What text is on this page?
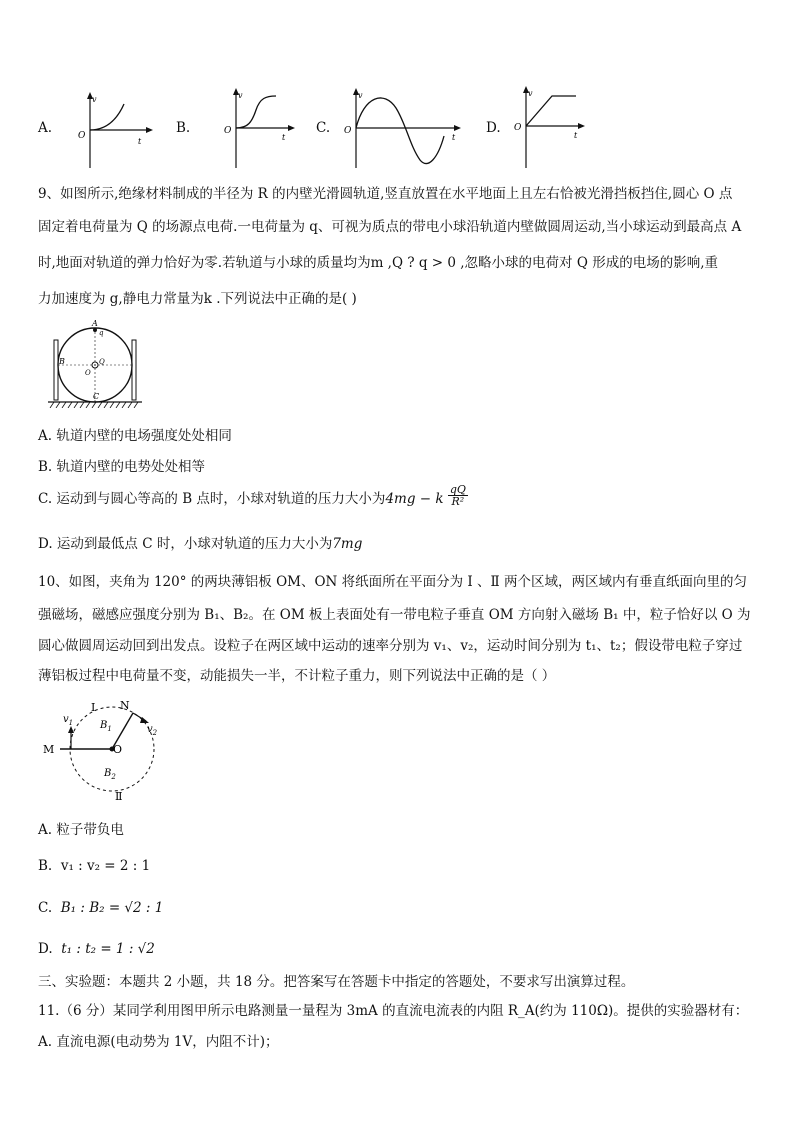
A.
v
t
O	B.
v
t
O	C.
v
t
O	D.
v
t
O
9、如图所示,绝缘材料制成的半径为 R 的内壁光滑圆轨道,竖直放置在水平地面上且左右恰被光滑挡板挡住,圆心 O 点
固定着电荷量为 Q 的场源点电荷.一电荷量为 q、可视为质点的带电小球沿轨道内壁做圆周运动,当小球运动到最高点 A
时,地面对轨道的弹力恰好为零.若轨道与小球的质量均为m ,Q ? q > 0 ,忽略小球的电荷对 Q 形成的电场的影响,重
力加速度为 g,静电力常量为k .下列说法中正确的是( )
A
q
B	Q
O
C
A. 轨道内壁的电场强度处处相同
B. 轨道内壁的电势处处相等
C. 运动到与圆心等高的 B 点时，小球对轨道的压力大小为4mg − k $\frac{qQ}{\text{R²}}$
D. 运动到最低点 C 时，小球对轨道的压力大小为7mg
10、如图，夹角为 120° 的两块薄铝板 OM、ON 将纸面所在平面分为 Ⅰ 、Ⅱ 两个区域，两区域内有垂直纸面向里的匀
强磁场，磁感应强度分别为 B₁、B₂。在 OM 板上表面处有一带电粒子垂直 OM 方向射入磁场 B₁ 中，粒子恰好以 O 为
圆心做圆周运动回到出发点。设粒子在两区域中运动的速率分别为 v₁、v₂，运动时间分别为 t₁、t₂；假设带电粒子穿过
薄铝板过程中电荷量不变，动能损失一半，不计粒子重力，则下列说法中正确的是（ ）
I N
$v_1$	$B_1$	$v_2$
M	O
$B_2$
Ⅱ
A. 粒子带负电
B. v₁ : v₂ = 2 : 1
C. B₁ : B₂ = √2 : 1
D. t₁ : t₂ = 1 : √2
三、实验题：本题共 2 小题，共 18 分。把答案写在答题卡中指定的答题处，不要求写出演算过程。
11.（6 分）某同学利用图甲所示电路测量一量程为 3mA 的直流电流表的内阻 R_A(约为 110Ω)。提供的实验器材有：
A. 直流电源(电动势为 1V，内阻不计)；
